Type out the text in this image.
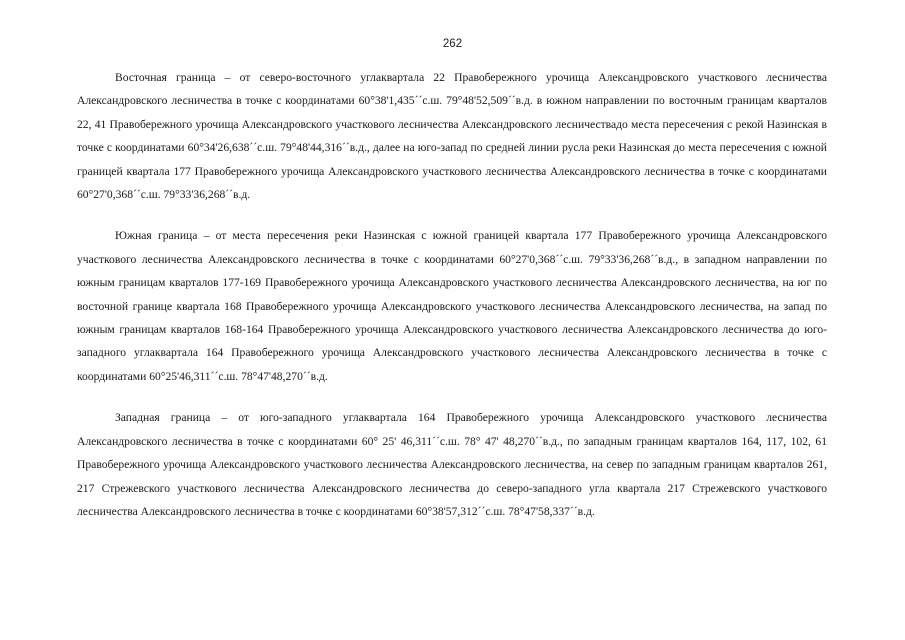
262

Восточная граница – от северо-восточного углаквартала 22 Правобережного урочища Александровского участкового лесничества Александровского лесничества в точке с координатами 60°38'1,435´´с.ш. 79°48'52,509´´в.д. в южном направлении по восточным границам кварталов 22, 41 Правобережного урочища Александровского участкового лесничества Александровского лесничествадо места пересечения с рекой Назинская в точке с координатами 60°34'26,638´´с.ш. 79°48'44,316´´в.д., далее на юго-запад по средней линии русла реки Назинская до места пересечения с южной границей квартала 177 Правобережного урочища Александровского участкового лесничества Александровского лесничества в точке с координатами 60°27'0,368´´с.ш. 79°33'36,268´´в.д.

Южная граница – от места пересечения реки Назинская с южной границей квартала 177 Правобережного урочища Александровского участкового лесничества Александровского лесничества в точке с координатами 60°27'0,368´´с.ш. 79°33'36,268´´в.д., в западном направлении по южным границам кварталов 177-169 Правобережного урочища Александровского участкового лесничества Александровского лесничества, на юг по восточной границе квартала 168 Правобережного урочища Александровского участкового лесничества Александровского лесничества, на запад по южным границам кварталов 168-164 Правобережного урочища Александровского участкового лесничества Александровского лесничества до юго-западного углаквартала 164 Правобережного урочища Александровского участкового лесничества Александровского лесничества в точке с координатами 60°25'46,311´´с.ш. 78°47'48,270´´в.д.

Западная граница – от юго-западного углаквартала 164 Правобережного урочища Александровского участкового лесничества Александровского лесничества в точке с координатами 60° 25' 46,311´´с.ш. 78° 47' 48,270´´в.д., по западным границам кварталов 164, 117, 102, 61 Правобережного урочища Александровского участкового лесничества Александровского лесничества, на север по западным границам кварталов 261, 217 Стрежевского участкового лесничества Александровского лесничества до северо-западного угла квартала 217 Стрежевского участкового лесничества Александровского лесничества в точке с координатами 60°38'57,312´´с.ш. 78°47'58,337´´в.д.
